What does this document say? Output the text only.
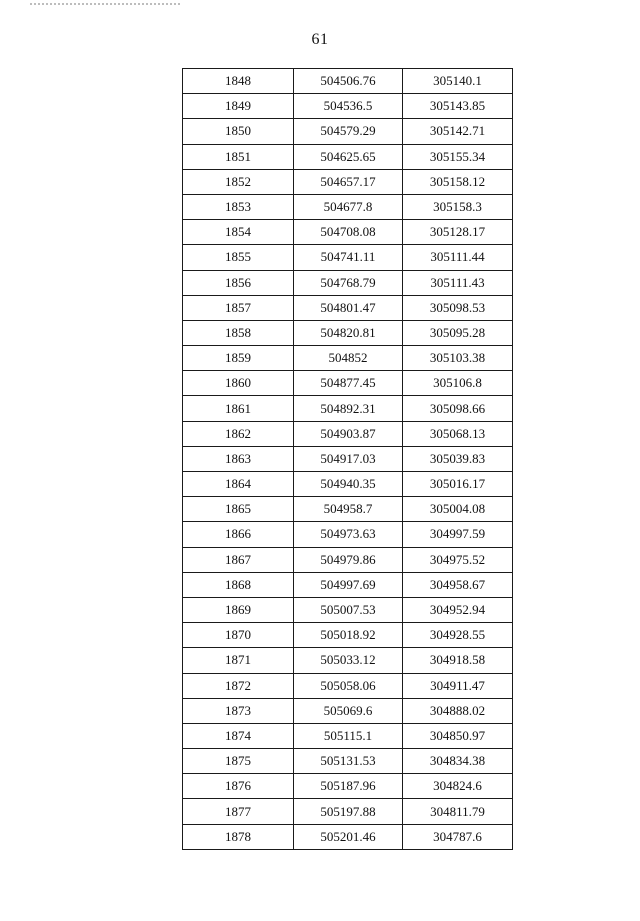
61
1848	504506.76	305140.1
1849	504536.5	305143.85
1850	504579.29	305142.71
1851	504625.65	305155.34
1852	504657.17	305158.12
1853	504677.8	305158.3
1854	504708.08	305128.17
1855	504741.11	305111.44
1856	504768.79	305111.43
1857	504801.47	305098.53
1858	504820.81	305095.28
1859	504852	305103.38
1860	504877.45	305106.8
1861	504892.31	305098.66
1862	504903.87	305068.13
1863	504917.03	305039.83
1864	504940.35	305016.17
1865	504958.7	305004.08
1866	504973.63	304997.59
1867	504979.86	304975.52
1868	504997.69	304958.67
1869	505007.53	304952.94
1870	505018.92	304928.55
1871	505033.12	304918.58
1872	505058.06	304911.47
1873	505069.6	304888.02
1874	505115.1	304850.97
1875	505131.53	304834.38
1876	505187.96	304824.6
1877	505197.88	304811.79
1878	505201.46	304787.6
